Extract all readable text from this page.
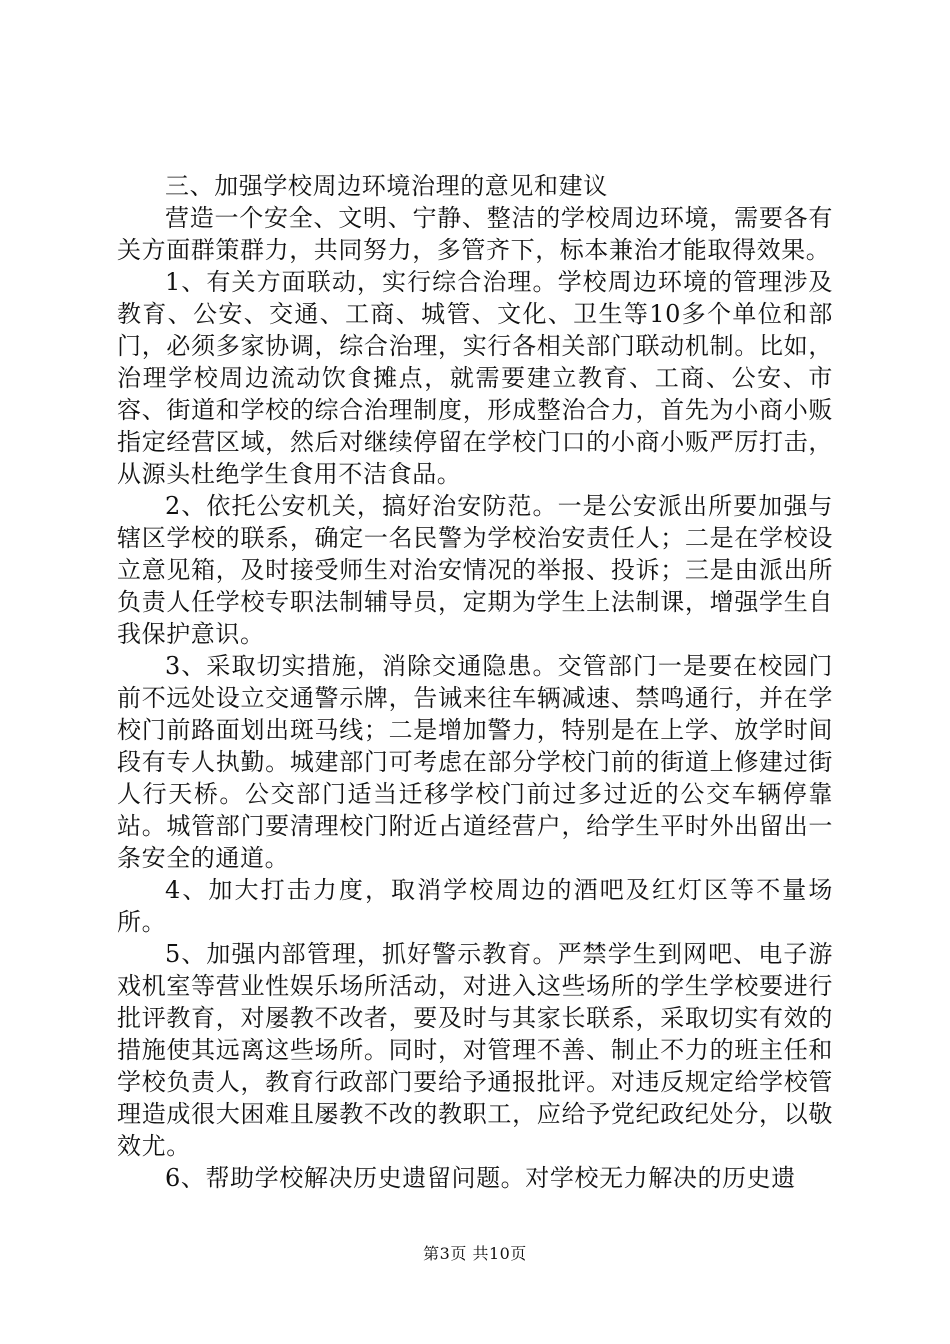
三、加强学校周边环境治理的意见和建议

营造一个安全、文明、宁静、整洁的学校周边环境，需要各有关方面群策群力，共同努力，多管齐下，标本兼治才能取得效果。

1、有关方面联动，实行综合治理。学校周边环境的管理涉及教育、公安、交通、工商、城管、文化、卫生等10多个单位和部门，必须多家协调，综合治理，实行各相关部门联动机制。比如，治理学校周边流动饮食摊点，就需要建立教育、工商、公安、市容、街道和学校的综合治理制度，形成整治合力，首先为小商小贩指定经营区域，然后对继续停留在学校门口的小商小贩严厉打击，从源头杜绝学生食用不洁食品。

2、依托公安机关，搞好治安防范。一是公安派出所要加强与辖区学校的联系，确定一名民警为学校治安责任人；二是在学校设立意见箱，及时接受师生对治安情况的举报、投诉；三是由派出所负责人任学校专职法制辅导员，定期为学生上法制课，增强学生自我保护意识。

3、采取切实措施，消除交通隐患。交管部门一是要在校园门前不远处设立交通警示牌，告诫来往车辆减速、禁鸣通行，并在学校门前路面划出斑马线；二是增加警力，特别是在上学、放学时间段有专人执勤。城建部门可考虑在部分学校门前的街道上修建过街人行天桥。公交部门适当迁移学校门前过多过近的公交车辆停靠站。城管部门要清理校门附近占道经营户，给学生平时外出留出一条安全的通道。

4、加大打击力度，取消学校周边的酒吧及红灯区等不量场所。

5、加强内部管理，抓好警示教育。严禁学生到网吧、电子游戏机室等营业性娱乐场所活动，对进入这些场所的学生学校要进行批评教育，对屡教不改者，要及时与其家长联系，采取切实有效的措施使其远离这些场所。同时，对管理不善、制止不力的班主任和学校负责人，教育行政部门要给予通报批评。对违反规定给学校管理造成很大困难且屡教不改的教职工，应给予党纪政纪处分，以敬效尤。

6、帮助学校解决历史遗留问题。对学校无力解决的历史遗

第3页 共10页
